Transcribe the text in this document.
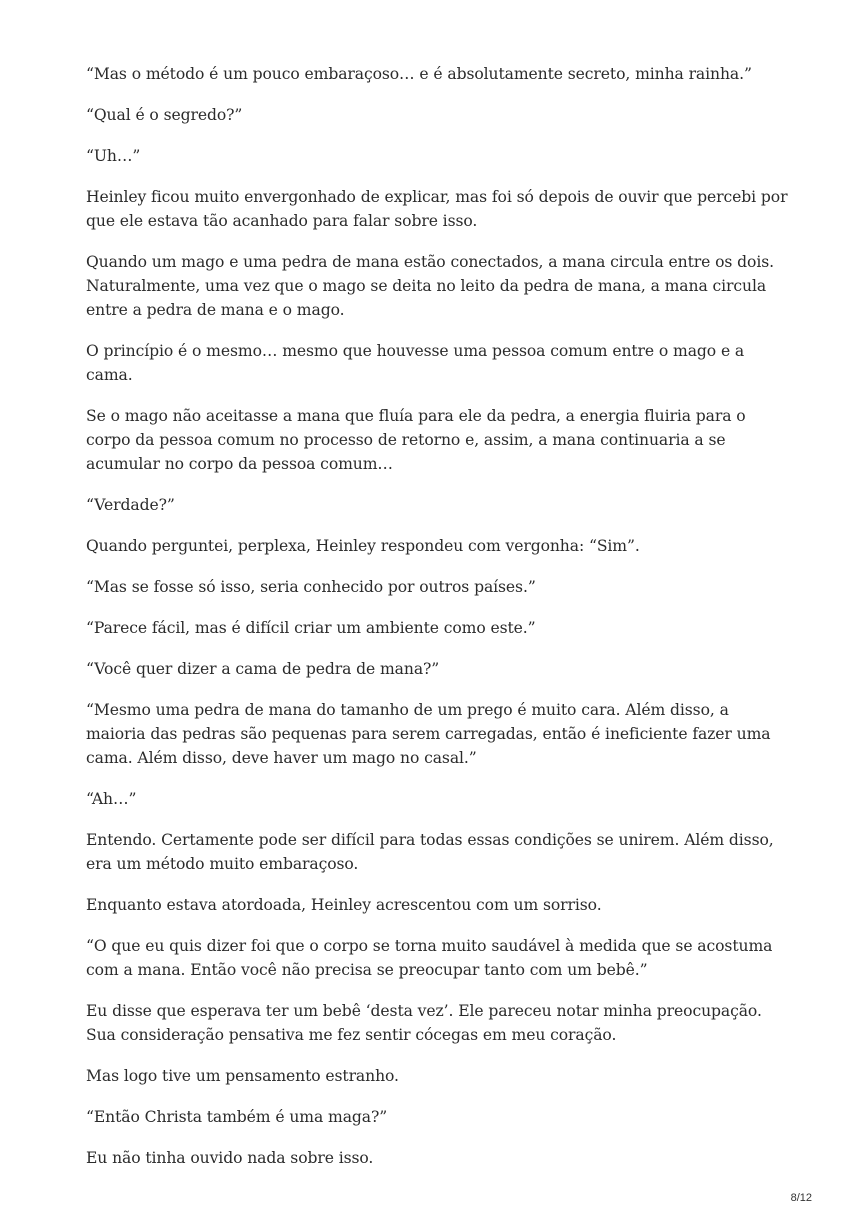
“Mas o método é um pouco embaraçoso… e é absolutamente secreto, minha rainha.”

“Qual é o segredo?”

“Uh…”

Heinley ficou muito envergonhado de explicar, mas foi só depois de ouvir que percebi por que ele estava tão acanhado para falar sobre isso.

Quando um mago e uma pedra de mana estão conectados, a mana circula entre os dois. Naturalmente, uma vez que o mago se deita no leito da pedra de mana, a mana circula entre a pedra de mana e o mago.

O princípio é o mesmo… mesmo que houvesse uma pessoa comum entre o mago e a cama.

Se o mago não aceitasse a mana que fluía para ele da pedra, a energia fluiria para o corpo da pessoa comum no processo de retorno e, assim, a mana continuaria a se acumular no corpo da pessoa comum…

“Verdade?”

Quando perguntei, perplexa, Heinley respondeu com vergonha: “Sim”.

“Mas se fosse só isso, seria conhecido por outros países.”

“Parece fácil, mas é difícil criar um ambiente como este.”

“Você quer dizer a cama de pedra de mana?”

“Mesmo uma pedra de mana do tamanho de um prego é muito cara. Além disso, a maioria das pedras são pequenas para serem carregadas, então é ineficiente fazer uma cama. Além disso, deve haver um mago no casal.”

“Ah…”

Entendo. Certamente pode ser difícil para todas essas condições se unirem. Além disso, era um método muito embaraçoso.

Enquanto estava atordoada, Heinley acrescentou com um sorriso.

“O que eu quis dizer foi que o corpo se torna muito saudável à medida que se acostuma com a mana. Então você não precisa se preocupar tanto com um bebê.”

Eu disse que esperava ter um bebê ‘desta vez’. Ele pareceu notar minha preocupação. Sua consideração pensativa me fez sentir cócegas em meu coração.

Mas logo tive um pensamento estranho.

“Então Christa também é uma maga?”

Eu não tinha ouvido nada sobre isso.

8/12
